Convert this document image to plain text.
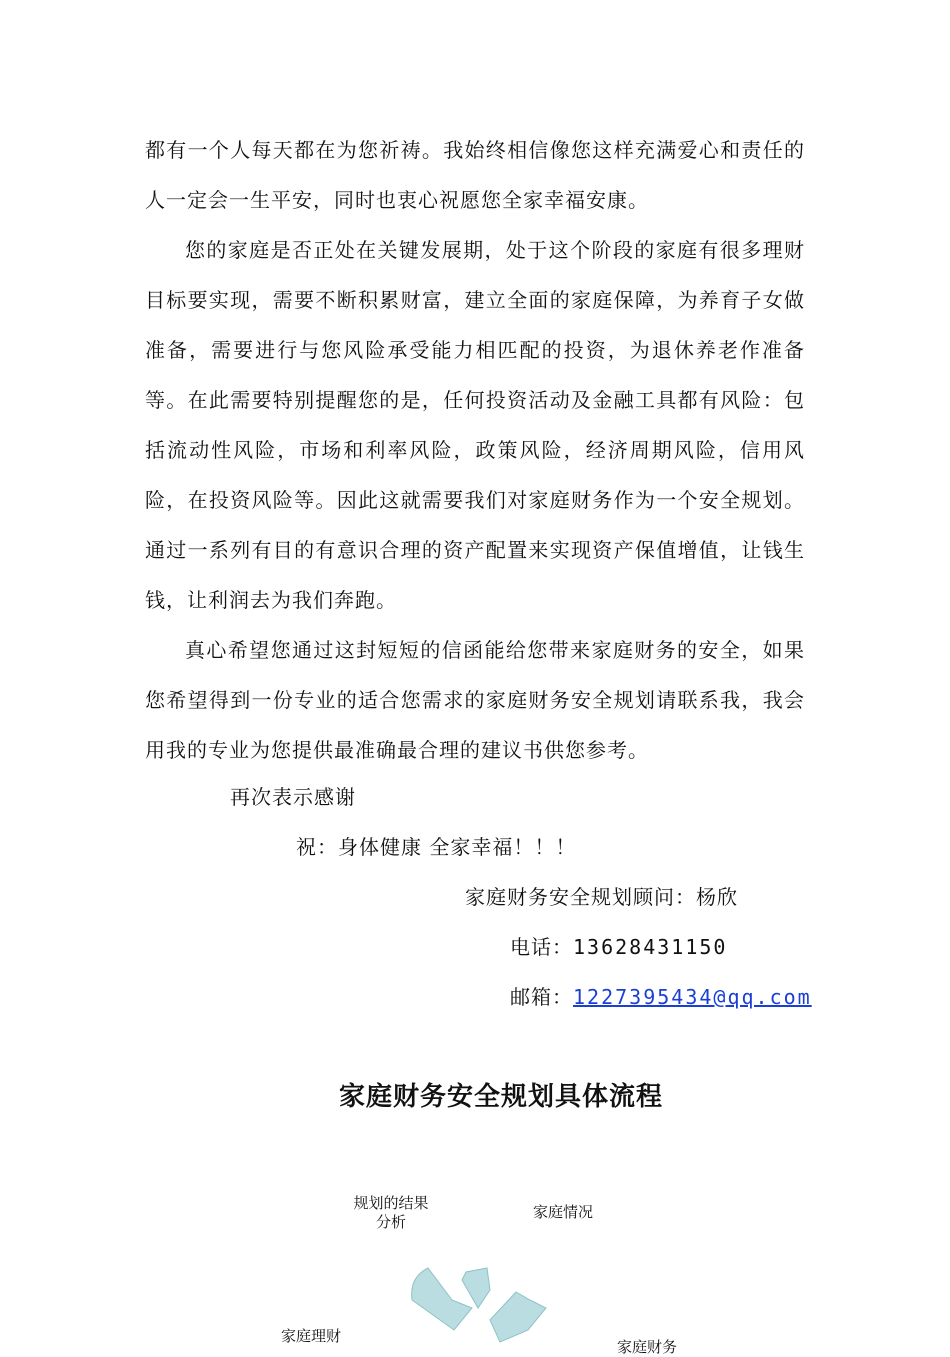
都有一个人每天都在为您祈祷。我始终相信像您这样充满爱心和责任的人一定会一生平安，同时也衷心祝愿您全家幸福安康。

您的家庭是否正处在关键发展期，处于这个阶段的家庭有很多理财目标要实现，需要不断积累财富，建立全面的家庭保障，为养育子女做准备，需要进行与您风险承受能力相匹配的投资，为退休养老作准备等。在此需要特别提醒您的是，任何投资活动及金融工具都有风险：包括流动性风险，市场和利率风险，政策风险，经济周期风险，信用风险，在投资风险等。因此这就需要我们对家庭财务作为一个安全规划。通过一系列有目的有意识合理的资产配置来实现资产保值增值，让钱生钱，让利润去为我们奔跑。

真心希望您通过这封短短的信函能给您带来家庭财务的安全，如果您希望得到一份专业的适合您需求的家庭财务安全规划请联系我，我会用我的专业为您提供最准确最合理的建议书供您参考。

再次表示感谢
祝：身体健康 全家幸福！！！
家庭财务安全规划顾问：杨欣
电话：13628431150
邮箱：1227395434@qq.com
家庭财务安全规划具体流程
规划的结果分析
家庭情况
家庭理财
家庭财务
